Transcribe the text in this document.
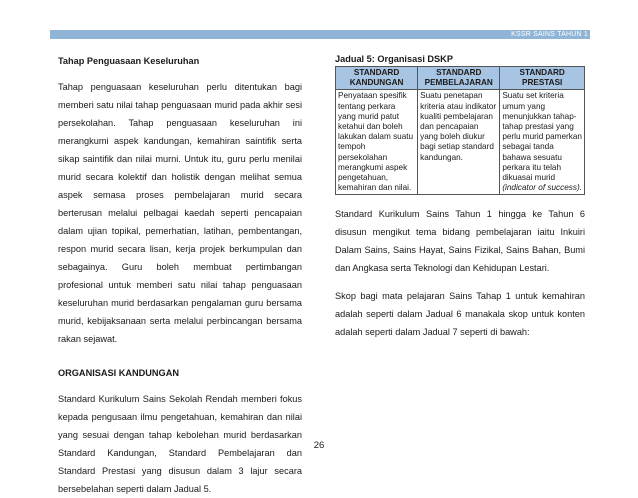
KSSR SAINS TAHUN 1

Tahap Penguasaan Keseluruhan

Tahap penguasaan keseluruhan perlu ditentukan bagi memberi satu nilai tahap penguasaan murid pada akhir sesi persekolahan. Tahap penguasaan keseluruhan ini merangkumi aspek kandungan, kemahiran saintifik serta sikap saintifik dan nilai murni. Untuk itu, guru perlu menilai murid secara kolektif dan holistik dengan melihat semua aspek semasa proses pembelajaran murid secara berterusan melalui pelbagai kaedah seperti pencapaian dalam ujian topikal, pemerhatian, latihan, pembentangan, respon murid secara lisan, kerja projek berkumpulan dan sebagainya. Guru boleh membuat pertimbangan profesional untuk memberi satu nilai tahap penguasaan keseluruhan murid berdasarkan pengalaman guru bersama murid, kebijaksanaan serta melalui perbincangan bersama rakan sejawat.

ORGANISASI KANDUNGAN

Standard Kurikulum Sains Sekolah Rendah memberi fokus kepada pengusaan ilmu pengetahuan, kemahiran dan nilai yang sesuai dengan tahap kebolehan murid berdasarkan Standard Kandungan, Standard Pembelajaran dan Standard Prestasi yang disusun dalam 3 lajur secara bersebelahan seperti dalam Jadual 5.

Jadual 5: Organisasi DSKP

STANDARD KANDUNGAN	STANDARD PEMBELAJARAN	STANDARD PRESTASI
Penyataan spesifik tentang perkara yang murid patut ketahui dan boleh lakukan dalam suatu tempoh persekolahan merangkumi aspek pengetahuan, kemahiran dan nilai.	Suatu penetapan kriteria atau indikator kualiti pembelajaran dan pencapaian yang boleh diukur bagi setiap standard kandungan.	Suatu set kriteria umum yang menunjukkan tahap-tahap prestasi yang perlu murid pamerkan sebagai tanda bahawa sesuatu perkara itu telah dikuasai murid (indicator of success).

Standard Kurikulum Sains Tahun 1 hingga ke Tahun 6 disusun mengikut tema bidang pembelajaran iaitu Inkuiri Dalam Sains, Sains Hayat, Sains Fizikal, Sains Bahan, Bumi dan Angkasa serta Teknologi dan Kehidupan Lestari.

Skop bagi mata pelajaran Sains Tahap 1 untuk kemahiran adalah seperti dalam Jadual 6 manakala skop untuk konten adalah seperti dalam Jadual 7 seperti di bawah:

26
